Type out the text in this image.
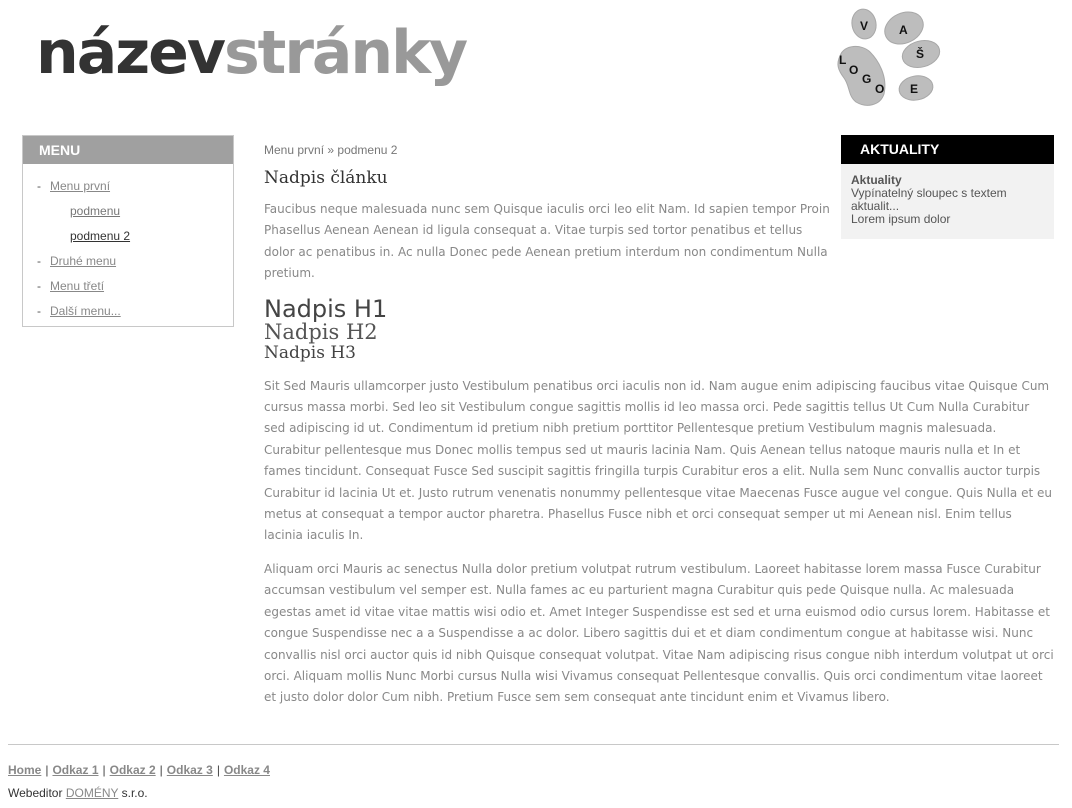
názevstránky	V	A
Š
L
O
G
O E
MENU
- Menu první
podmenu
podmenu 2
- Druhé menu
- Menu třetí
- Další menu...
Menu první » podmenu 2
Nadpis článku

Faucibus neque malesuada nunc sem Quisque iaculis orci leo elit Nam. Id sapien tempor Proin Phasellus Aenean Aenean id ligula consequat a. Vitae turpis sed tortor penatibus et tellus dolor ac penatibus in. Ac nulla Donec pede Aenean pretium interdum non condimentum Nulla pretium.

Nadpis H1
Nadpis H2
Nadpis H3

Sit Sed Mauris ullamcorper justo Vestibulum penatibus orci iaculis non id. Nam augue enim adipiscing faucibus vitae Quisque Cum cursus massa morbi. Sed leo sit Vestibulum congue sagittis mollis id leo massa orci. Pede sagittis tellus Ut Cum Nulla Curabitur sed adipiscing id ut. Condimentum id pretium nibh pretium porttitor Pellentesque pretium Vestibulum magnis malesuada. Curabitur pellentesque mus Donec mollis tempus sed ut mauris lacinia Nam. Quis Aenean tellus natoque mauris nulla et In et fames tincidunt. Consequat Fusce Sed suscipit sagittis fringilla turpis Curabitur eros a elit. Nulla sem Nunc convallis auctor turpis Curabitur id lacinia Ut et. Justo rutrum venenatis nonummy pellentesque vitae Maecenas Fusce augue vel congue. Quis Nulla et eu metus at consequat a tempor auctor pharetra. Phasellus Fusce nibh et orci consequat semper ut mi Aenean nisl. Enim tellus lacinia iaculis In.

Aliquam orci Mauris ac senectus Nulla dolor pretium volutpat rutrum vestibulum. Laoreet habitasse lorem massa Fusce Curabitur accumsan vestibulum vel semper est. Nulla fames ac eu parturient magna Curabitur quis pede Quisque nulla. Ac malesuada egestas amet id vitae vitae mattis wisi odio et. Amet Integer Suspendisse est sed et urna euismod odio cursus lorem. Habitasse et congue Suspendisse nec a a Suspendisse a ac dolor. Libero sagittis dui et et diam condimentum congue at habitasse wisi. Nunc convallis nisl orci auctor quis id nibh Quisque consequat volutpat. Vitae Nam adipiscing risus congue nibh interdum volutpat ut orci orci. Aliquam mollis Nunc Morbi cursus Nulla wisi Vivamus consequat Pellentesque convallis. Quis orci condimentum vitae laoreet et justo dolor dolor Cum nibh. Pretium Fusce sem sem consequat ante tincidunt enim et Vivamus libero.

AKTUALITY
Aktuality
Vypínatelný sloupec s textem aktualit...
Lorem ipsum dolor
Home | Odkaz 1 | Odkaz 2 | Odkaz 3 | Odkaz 4
Webeditor DOMÉNY s.r.o.
